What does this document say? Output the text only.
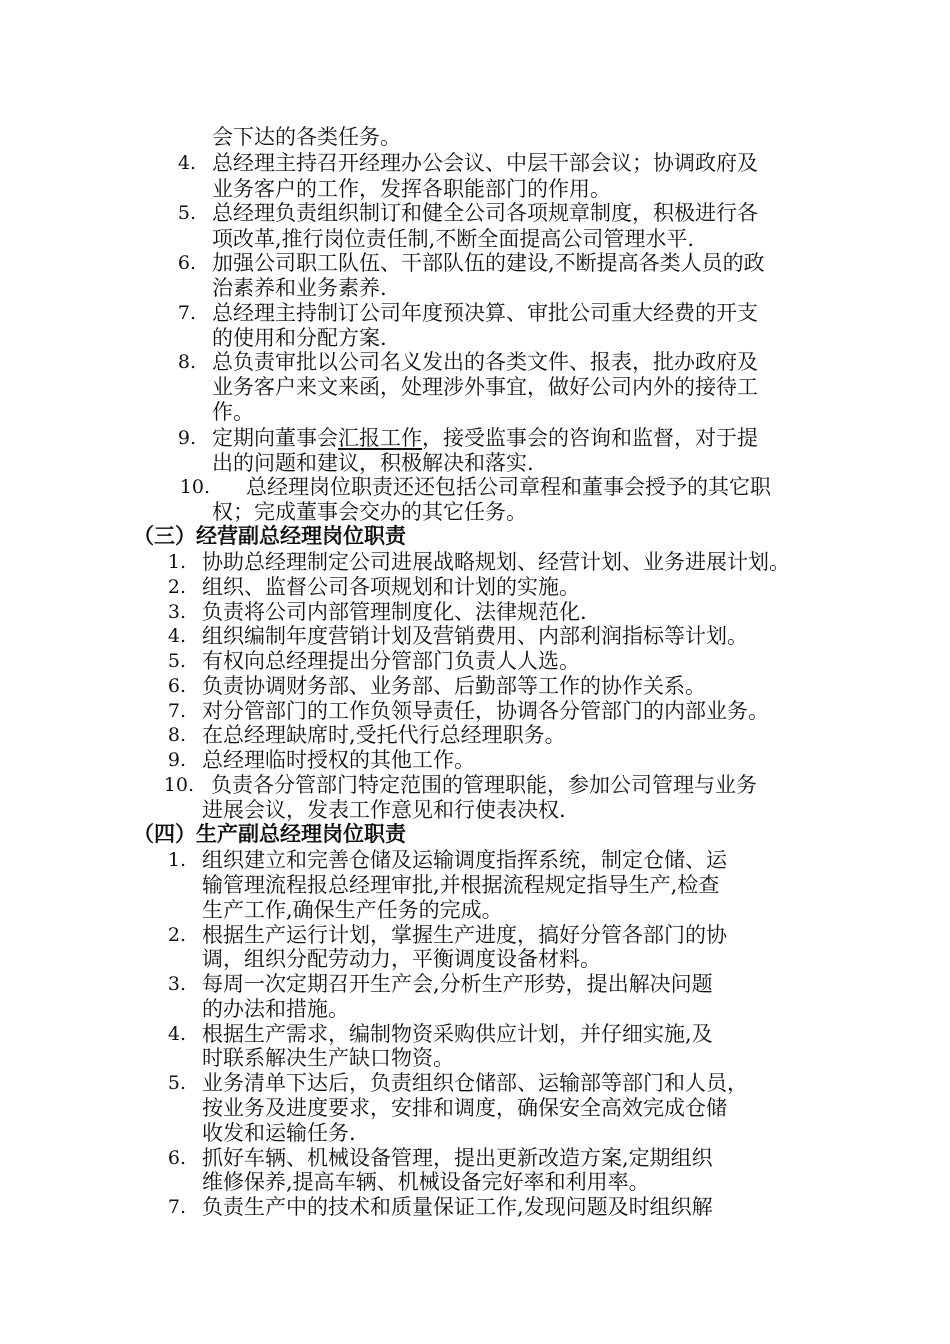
会下达的各类任务。
4. 总经理主持召开经理办公会议、中层干部会议；协调政府及
业务客户的工作，发挥各职能部门的作用。
5. 总经理负责组织制订和健全公司各项规章制度，积极进行各
项改革,推行岗位责任制,不断全面提高公司管理水平.
6. 加强公司职工队伍、干部队伍的建设,不断提高各类人员的政
治素养和业务素养.
7. 总经理主持制订公司年度预决算、审批公司重大经费的开支
的使用和分配方案.
8. 总负责审批以公司名义发出的各类文件、报表，批办政府及
业务客户来文来函，处理涉外事宜，做好公司内外的接待工
作。
9. 定期向董事会汇报工作，接受监事会的咨询和监督，对于提
出的问题和建议，积极解决和落实.
10. 总经理岗位职责还还包括公司章程和董事会授予的其它职
权；完成董事会交办的其它任务。
（三）经营副总经理岗位职责
1. 协助总经理制定公司进展战略规划、经营计划、业务进展计划。
2. 组织、监督公司各项规划和计划的实施。
3. 负责将公司内部管理制度化、法律规范化.
4. 组织编制年度营销计划及营销费用、内部利润指标等计划。
5. 有权向总经理提出分管部门负责人人选。
6. 负责协调财务部、业务部、后勤部等工作的协作关系。
7. 对分管部门的工作负领导责任，协调各分管部门的内部业务。
8. 在总经理缺席时,受托代行总经理职务。
9. 总经理临时授权的其他工作。
10. 负责各分管部门特定范围的管理职能，参加公司管理与业务
进展会议，发表工作意见和行使表决权.
（四）生产副总经理岗位职责
1. 组织建立和完善仓储及运输调度指挥系统，制定仓储、运
输管理流程报总经理审批,并根据流程规定指导生产,检查
生产工作,确保生产任务的完成。
2. 根据生产运行计划，掌握生产进度，搞好分管各部门的协
调，组织分配劳动力，平衡调度设备材料。
3. 每周一次定期召开生产会,分析生产形势，提出解决问题
的办法和措施。
4. 根据生产需求，编制物资采购供应计划，并仔细实施,及
时联系解决生产缺口物资。
5. 业务清单下达后，负责组织仓储部、运输部等部门和人员，
按业务及进度要求，安排和调度，确保安全高效完成仓储
收发和运输任务.
6. 抓好车辆、机械设备管理，提出更新改造方案,定期组织
维修保养,提高车辆、机械设备完好率和利用率。
7. 负责生产中的技术和质量保证工作,发现问题及时组织解
